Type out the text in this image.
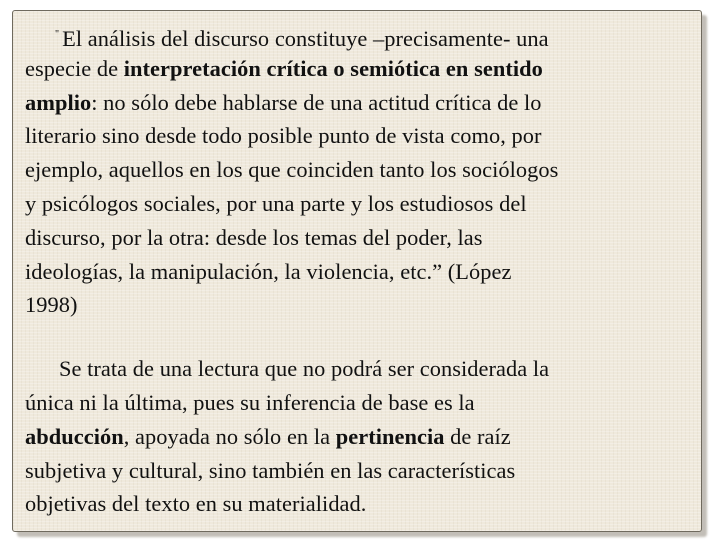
" El análisis del discurso constituye –precisamente- una
especie de interpretación crítica o semiótica en sentido
amplio: no sólo debe hablarse de una actitud crítica de lo
literario sino desde todo posible punto de vista como, por
ejemplo, aquellos en los que coinciden tanto los sociólogos
y psicólogos sociales, por una parte y los estudiosos del
discurso, por la otra: desde los temas del poder, las
ideologías, la manipulación, la violencia, etc.” (López
1998)
Se trata de una lectura que no podrá ser considerada la
única ni la última, pues su inferencia de base es la
abducción, apoyada no sólo en la pertinencia de raíz
subjetiva y cultural, sino también en las características
objetivas del texto en su materialidad.
